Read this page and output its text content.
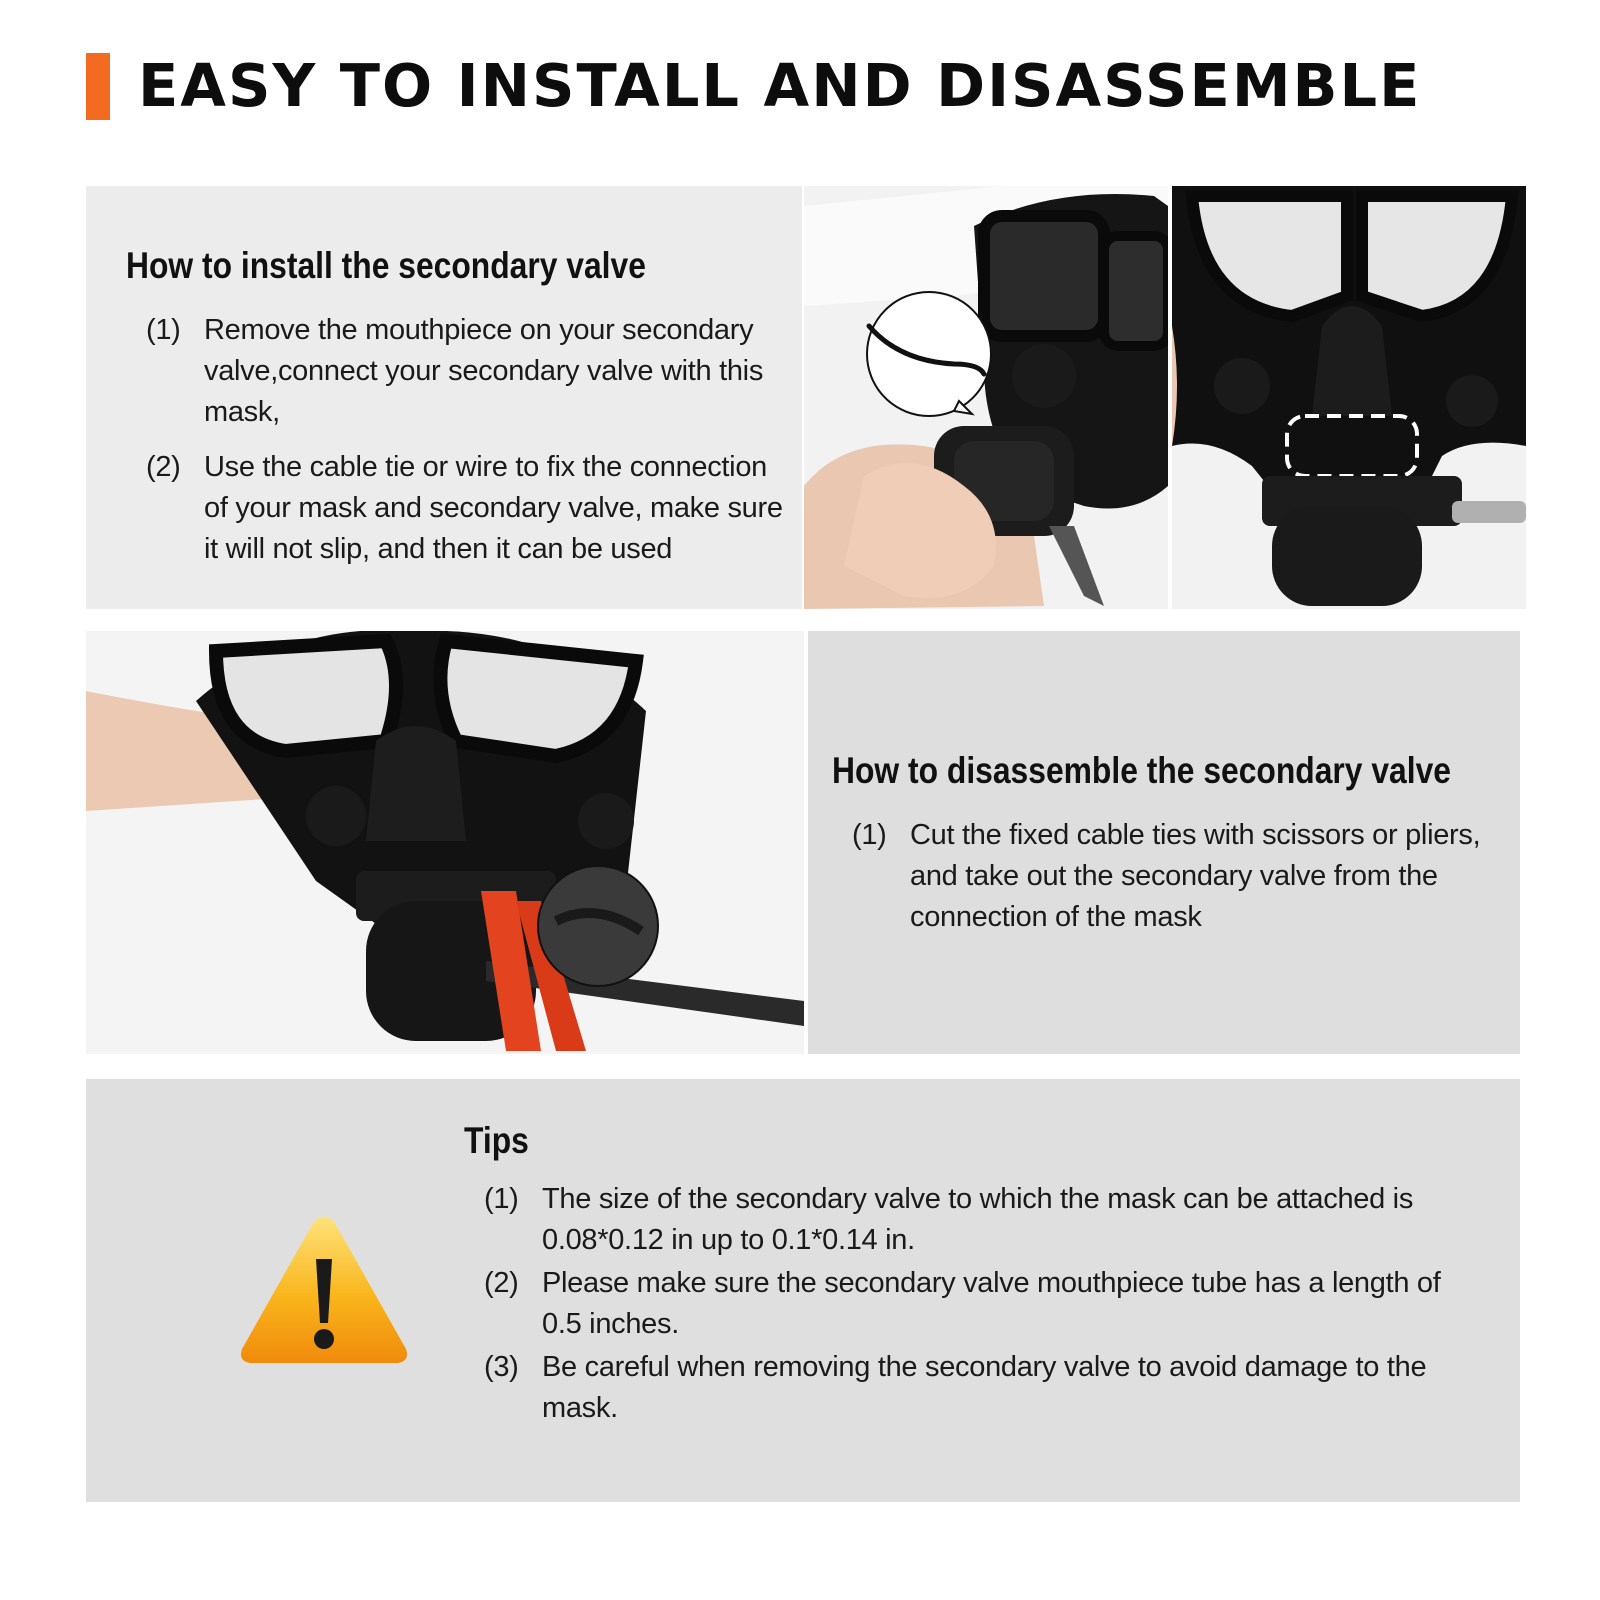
EASY TO INSTALL AND DISASSEMBLE
How to install the secondary valve
(1) Remove the mouthpiece on your secondary valve,connect your secondary valve with this mask,
(2) Use the cable tie or wire to fix the connection of your mask and secondary valve, make sure it will not slip, and then it can be used
How to disassemble the secondary valve
(1) Cut the fixed cable ties with scissors or pliers, and take out the secondary valve from the connection of the mask
Tips
(1) The size of the secondary valve to which the mask can be attached is 0.08*0.12 in up to 0.1*0.14 in.
(2) Please make sure the secondary valve mouthpiece tube has a length of 0.5 inches.
(3) Be careful when removing the secondary valve to avoid damage to the mask.
